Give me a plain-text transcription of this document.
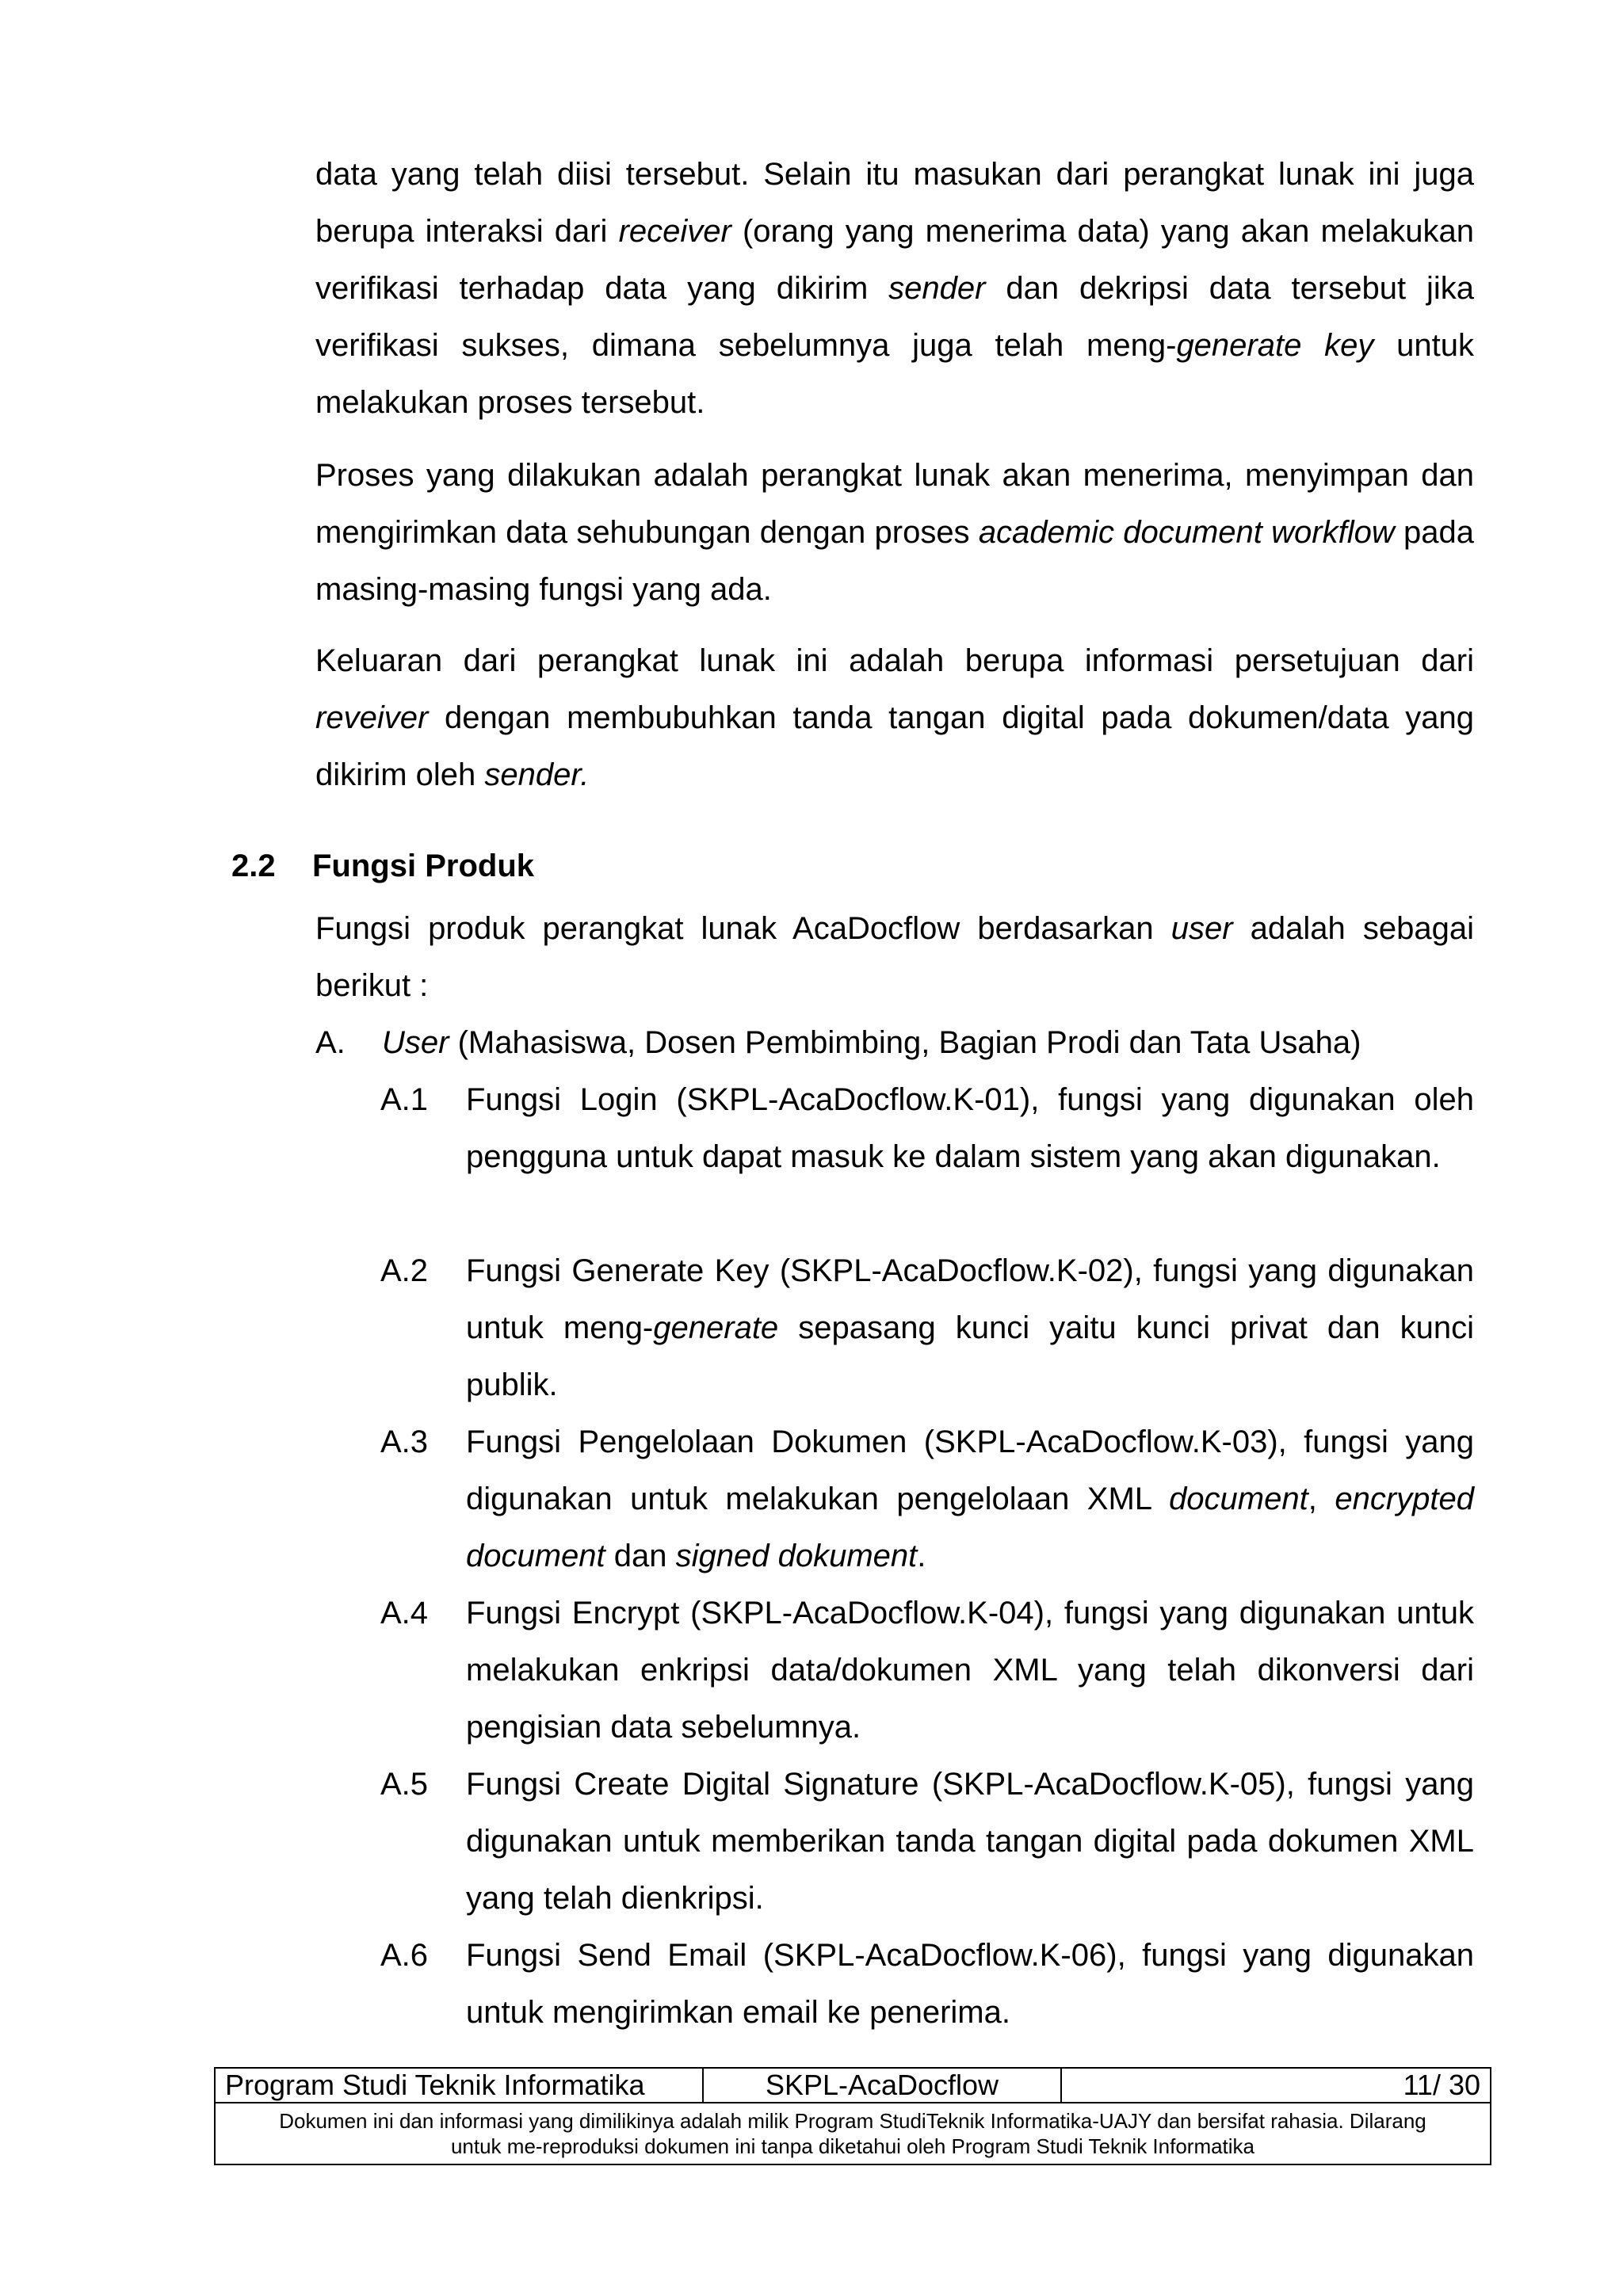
data yang telah diisi tersebut. Selain itu masukan dari perangkat lunak ini juga berupa interaksi dari receiver (orang yang menerima data) yang akan melakukan verifikasi terhadap data yang dikirim sender dan dekripsi data tersebut jika verifikasi sukses, dimana sebelumnya juga telah meng-generate key untuk melakukan proses tersebut.

Proses yang dilakukan adalah perangkat lunak akan menerima, menyimpan dan mengirimkan data sehubungan dengan proses academic document workflow pada masing-masing fungsi yang ada.

Keluaran dari perangkat lunak ini adalah berupa informasi persetujuan dari reveiver dengan membubuhkan tanda tangan digital pada dokumen/data yang dikirim oleh sender.

2.2 Fungsi Produk

Fungsi produk perangkat lunak AcaDocflow berdasarkan user adalah sebagai berikut :

A. User (Mahasiswa, Dosen Pembimbing, Bagian Prodi dan Tata Usaha)

A.1 Fungsi Login (SKPL-AcaDocflow.K-01), fungsi yang digunakan oleh pengguna untuk dapat masuk ke dalam sistem yang akan digunakan.

A.2 Fungsi Generate Key (SKPL-AcaDocflow.K-02), fungsi yang digunakan untuk meng-generate sepasang kunci yaitu kunci privat dan kunci publik.

A.3 Fungsi Pengelolaan Dokumen (SKPL-AcaDocflow.K-03), fungsi yang digunakan untuk melakukan pengelolaan XML document, encrypted document dan signed dokument.

A.4 Fungsi Encrypt (SKPL-AcaDocflow.K-04), fungsi yang digunakan untuk melakukan enkripsi data/dokumen XML yang telah dikonversi dari pengisian data sebelumnya.

A.5 Fungsi Create Digital Signature (SKPL-AcaDocflow.K-05), fungsi yang digunakan untuk memberikan tanda tangan digital pada dokumen XML yang telah dienkripsi.

A.6 Fungsi Send Email (SKPL-AcaDocflow.K-06), fungsi yang digunakan untuk mengirimkan email ke penerima.

Program Studi Teknik Informatika	SKPL-AcaDocflow	11/ 30
Dokumen ini dan informasi yang dimilikinya adalah milik Program StudiTeknik Informatika-UAJY dan bersifat rahasia. Dilarang
untuk me-reproduksi dokumen ini tanpa diketahui oleh Program Studi Teknik Informatika
